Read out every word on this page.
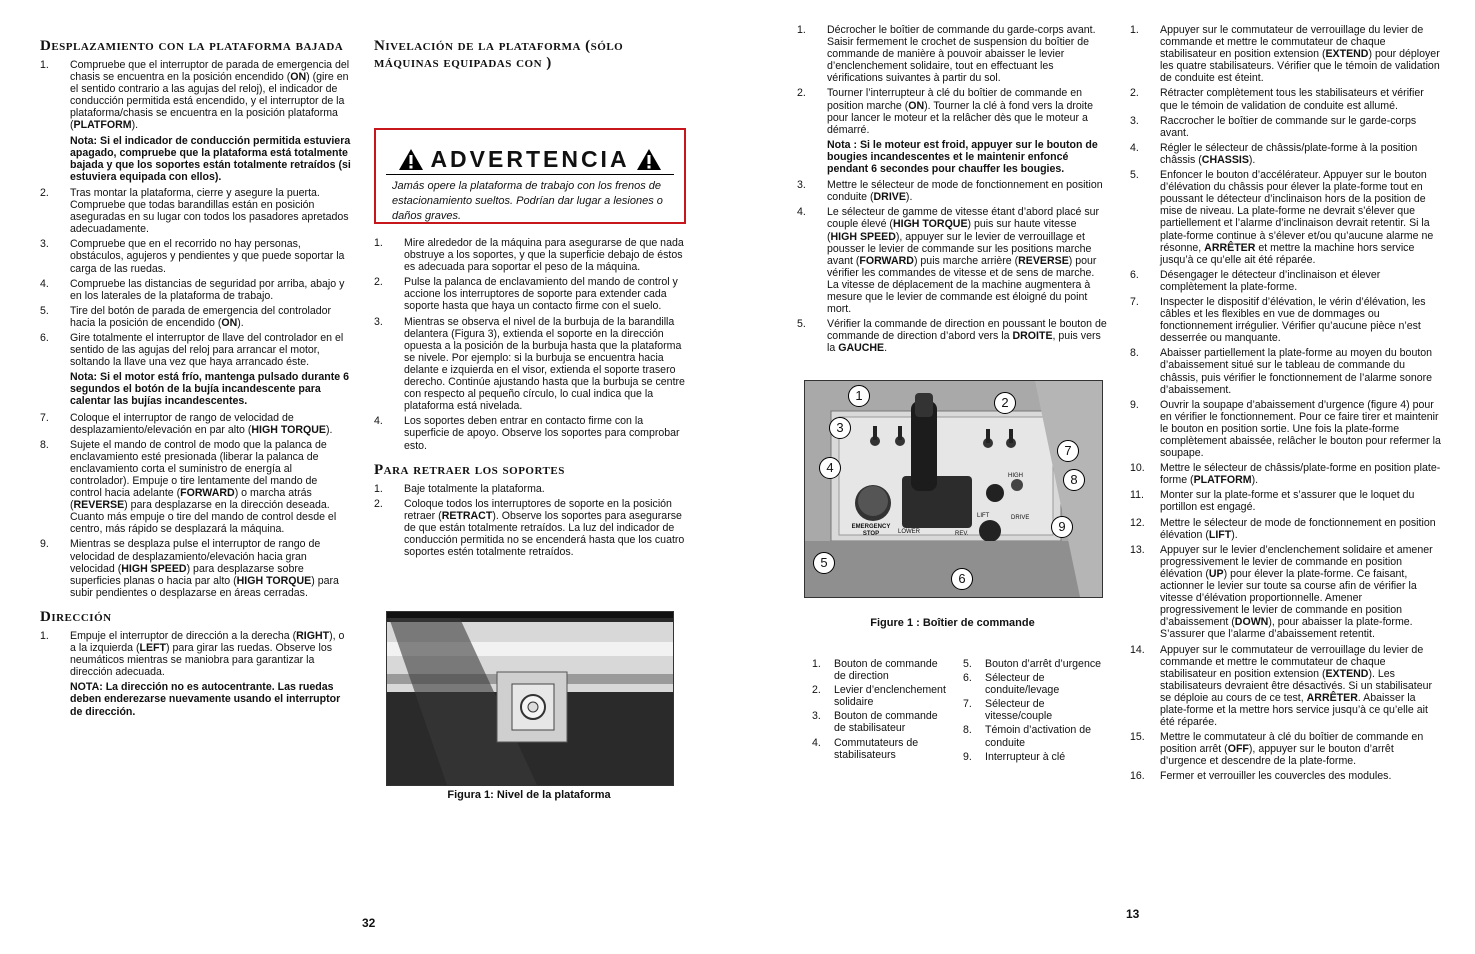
Desplazamiento con la plataforma bajada
1. Compruebe que el interruptor de parada de emergencia del chasis se encuentra en la posición encendido (ON) (gire en el sentido contrario a las agujas del reloj), el indicador de conducción permitida está encendido, y el interruptor de la plataforma/chasis se encuentra en la posición plataforma (PLATFORM).
Nota: Si el indicador de conducción permitida estuviera apagado, compruebe que la plataforma está totalmente bajada y que los soportes están totalmente retraídos (si estuviera equipada con ellos).
2. Tras montar la plataforma, cierre y asegure la puerta. Compruebe que todas barandillas están en posición aseguradas en su lugar con todos los pasadores apretados adecuadamente.
3. Compruebe que en el recorrido no hay personas, obstáculos, agujeros y pendientes y que puede soportar la carga de las ruedas.
4. Compruebe las distancias de seguridad por arriba, abajo y en los laterales de la plataforma de trabajo.
5. Tire del botón de parada de emergencia del controlador hacia la posición de encendido (ON).
6. Gire totalmente el interruptor de llave del controlador en el sentido de las agujas del reloj para arrancar el motor, soltando la llave una vez que haya arrancado éste.
Nota: Si el motor está frío, mantenga pulsado durante 6 segundos el botón de la bujía incandescente para calentar las bujías incandescentes.
7. Coloque el interruptor de rango de velocidad de desplazamiento/elevación en par alto (HIGH TORQUE).
8. Sujete el mando de control de modo que la palanca de enclavamiento esté presionada (liberar la palanca de enclavamiento corta el suministro de energía al controlador). Empuje o tire lentamente del mando de control hacia adelante (FORWARD) o marcha atrás (REVERSE) para desplazarse en la dirección deseada. Cuanto más empuje o tire del mando de control desde el centro, más rápido se desplazará la máquina.
9. Mientras se desplaza pulse el interruptor de rango de velocidad de desplazamiento/elevación hacia gran velocidad (HIGH SPEED) para desplazarse sobre superficies planas o hacia par alto (HIGH TORQUE) para subir pendientes o desplazarse en áreas cerradas.
Dirección
1. Empuje el interruptor de dirección a la derecha (RIGHT), o a la izquierda (LEFT) para girar las ruedas. Observe los neumáticos mientras se maniobra para garantizar la dirección adecuada.
NOTA: La dirección no es autocentrante. Las ruedas deben enderezarse nuevamente usando el interruptor de dirección.
Nivelación de la plataforma (sólo máquinas equipadas con )
ADVERTENCIA
Jamás opere la plataforma de trabajo con los frenos de estacionamiento sueltos. Podrían dar lugar a lesiones o daños graves.
1. Mire alrededor de la máquina para asegurarse de que nada obstruye a los soportes, y que la superficie debajo de éstos es adecuada para soportar el peso de la máquina.
2. Pulse la palanca de enclavamiento del mando de control y accione los interruptores de soporte para extender cada soporte hasta que haya un contacto firme con el suelo.
3. Mientras se observa el nivel de la burbuja de la barandilla delantera (Figura 3), extienda el soporte en la dirección opuesta a la posición de la burbuja hasta que la plataforma se nivele. Por ejemplo: si la burbuja se encuentra hacia delante e izquierda en el visor, extienda el soporte trasero derecho. Continúe ajustando hasta que la burbuja se centre con respecto al pequeño círculo, lo cual indica que la plataforma está nivelada.
4. Los soportes deben entrar en contacto firme con la superficie de apoyo. Observe los soportes para comprobar esto.
Para retraer los soportes
1. Baje totalmente la plataforma.
2. Coloque todos los interruptores de soporte en la posición retraer (RETRACT). Observe los soportes para asegurarse de que están totalmente retraídos. La luz del indicador de conducción permitida no se encenderá hasta que los cuatro soportes estén totalmente retraídos.
Figura 1: Nivel de la plataforma
32
1. Décrocher le boîtier de commande du garde-corps avant. Saisir fermement le crochet de suspension du boîtier de commande de manière à pouvoir abaisser le levier d’enclenchement solidaire, tout en effectuant les vérifications suivantes à partir du sol.
2. Tourner l’interrupteur à clé du boîtier de commande en position marche (ON). Tourner la clé à fond vers la droite pour lancer le moteur et la relâcher dès que le moteur a démarré.
Nota : Si le moteur est froid, appuyer sur le bouton de bougies incandescentes et le maintenir enfoncé pendant 6 secondes pour chauffer les bougies.
3. Mettre le sélecteur de mode de fonctionnement en position conduite (DRIVE).
4. Le sélecteur de gamme de vitesse étant d’abord placé sur couple élevé (HIGH TORQUE) puis sur haute vitesse (HIGH SPEED), appuyer sur le levier de verrouillage et pousser le levier de commande sur les positions marche avant (FORWARD) puis marche arrière (REVERSE) pour vérifier les commandes de vitesse et de sens de marche. La vitesse de déplacement de la machine augmentera à mesure que le levier de commande est éloigné du point mort.
5. Vérifier la commande de direction en poussant le bouton de commande de direction d’abord vers la DROITE, puis vers la GAUCHE.
EMERGENCY STOP	LOWER	REV.
HIGH
LIFT	DRIVE
1	2
3
4
5
6
7
8
9
Figure 1 : Boîtier de commande
1. Bouton de commande de direction
2. Levier d’enclenchement solidaire
3. Bouton de commande de stabilisateur
4. Commutateurs de stabilisateurs
5. Bouton d’arrêt d’urgence
6. Sélecteur de conduite/levage
7. Sélecteur de vitesse/couple
8. Témoin d’activation de conduite
9. Interrupteur à clé
1. Appuyer sur le commutateur de verrouillage du levier de commande et mettre le commutateur de chaque stabilisateur en position extension (EXTEND) pour déployer les quatre stabilisateurs. Vérifier que le témoin de validation de conduite est éteint.
2. Rétracter complètement tous les stabilisateurs et vérifier que le témoin de validation de conduite est allumé.
3. Raccrocher le boîtier de commande sur le garde-corps avant.
4. Régler le sélecteur de châssis/plate-forme à la position châssis (CHASSIS).
5. Enfoncer le bouton d’accélérateur. Appuyer sur le bouton d’élévation du châssis pour élever la plate-forme tout en poussant le détecteur d’inclinaison hors de la position de mise de niveau. La plate-forme ne devrait s’élever que partiellement et l’alarme d’inclinaison devrait retentir. Si la plate-forme continue à s’élever et/ou qu’aucune alarme ne résonne, ARRÊTER et mettre la machine hors service jusqu’à ce qu’elle ait été réparée.
6. Désengager le détecteur d’inclinaison et élever complètement la plate-forme.
7. Inspecter le dispositif d’élévation, le vérin d’élévation, les câbles et les flexibles en vue de dommages ou fonctionnement irrégulier. Vérifier qu’aucune pièce n’est desserrée ou manquante.
8. Abaisser partiellement la plate-forme au moyen du bouton d’abaissement situé sur le tableau de commande du châssis, puis vérifier le fonctionnement de l’alarme sonore d’abaissement.
9. Ouvrir la soupape d’abaissement d’urgence (figure 4) pour en vérifier le fonctionnement. Pour ce faire tirer et maintenir le bouton en position sortie. Une fois la plate-forme complètement abaissée, relâcher le bouton pour refermer la soupape.
10. Mettre le sélecteur de châssis/plate-forme en position plate-forme (PLATFORM).
11. Monter sur la plate-forme et s’assurer que le loquet du portillon est engagé.
12. Mettre le sélecteur de mode de fonctionnement en position élévation (LIFT).
13. Appuyer sur le levier d’enclenchement solidaire et amener progressivement le levier de commande en position élévation (UP) pour élever la plate-forme. Ce faisant, actionner le levier sur toute sa course afin de vérifier la vitesse d’élévation proportionnelle. Amener progressivement le levier de commande en position d’abaissement (DOWN), pour abaisser la plate-forme. S’assurer que l’alarme d’abaissement retentit.
14. Appuyer sur le commutateur de verrouillage du levier de commande et mettre le commutateur de chaque stabilisateur en position extension (EXTEND). Les stabilisateurs devraient être désactivés. Si un stabilisateur se déploie au cours de ce test, ARRÊTER. Abaisser la plate-forme et la mettre hors service jusqu’à ce qu’elle ait été réparée.
15. Mettre le commutateur à clé du boîtier de commande en position arrêt (OFF), appuyer sur le bouton d’arrêt d’urgence et descendre de la plate-forme.
16. Fermer et verrouiller les couvercles des modules.
13
